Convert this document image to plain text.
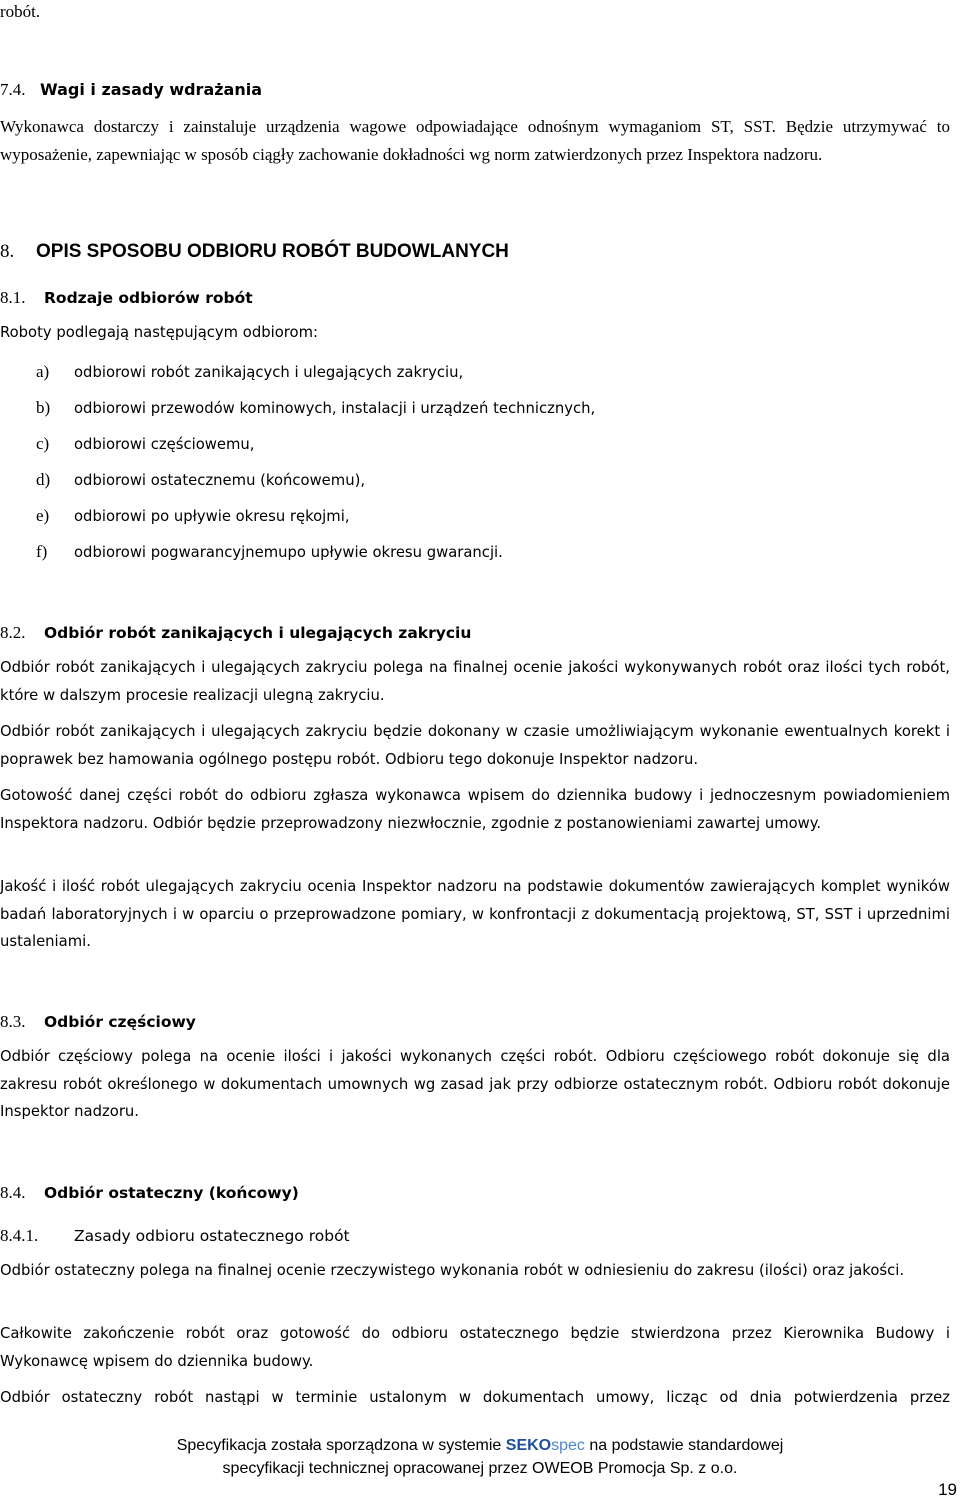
robót.
7.4. Wagi i zasady wdrażania

Wykonawca dostarczy i zainstaluje urządzenia wagowe odpowiadające odnośnym wymaganiom ST, SST. Będzie utrzymywać to wyposażenie, zapewniając w sposób ciągły zachowanie dokładności wg norm zatwierdzonych przez Inspektora nadzoru.

8. OPIS SPOSOBU ODBIORU ROBÓT BUDOWLANYCH
8.1. Rodzaje odbiorów robót
Roboty podlegają następującym odbiorom:
a) odbiorowi robót zanikających i ulegających zakryciu,
b) odbiorowi przewodów kominowych, instalacji i urządzeń technicznych,
c) odbiorowi częściowemu,
d) odbiorowi ostatecznemu (końcowemu),
e) odbiorowi po upływie okresu rękojmi,
f) odbiorowi pogwarancyjnemupo upływie okresu gwarancji.
8.2. Odbiór robót zanikających i ulegających zakryciu

Odbiór robót zanikających i ulegających zakryciu polega na finalnej ocenie jakości wykonywanych robót oraz ilości tych robót, które w dalszym procesie realizacji ulegną zakryciu.

Odbiór robót zanikających i ulegających zakryciu będzie dokonany w czasie umożliwiającym wykonanie ewentualnych korekt i poprawek bez hamowania ogólnego postępu robót. Odbioru tego dokonuje Inspektor nadzoru.

Gotowość danej części robót do odbioru zgłasza wykonawca wpisem do dziennika budowy i jednoczesnym powiadomieniem Inspektora nadzoru. Odbiór będzie przeprowadzony niezwłocznie, zgodnie z postanowieniami zawartej umowy.

Jakość i ilość robót ulegających zakryciu ocenia Inspektor nadzoru na podstawie dokumentów zawierających komplet wyników badań laboratoryjnych i w oparciu o przeprowadzone pomiary, w konfrontacji z dokumentacją projektową, ST, SST i uprzednimi ustaleniami.

8.3. Odbiór częściowy

Odbiór częściowy polega na ocenie ilości i jakości wykonanych części robót. Odbioru częściowego robót dokonuje się dla zakresu robót określonego w dokumentach umownych wg zasad jak przy odbiorze ostatecznym robót. Odbioru robót dokonuje Inspektor nadzoru.

8.4. Odbiór ostateczny (końcowy)
8.4.1. Zasady odbioru ostatecznego robót

Odbiór ostateczny polega na finalnej ocenie rzeczywistego wykonania robót w odniesieniu do zakresu (ilości) oraz jakości.

Całkowite zakończenie robót oraz gotowość do odbioru ostatecznego będzie stwierdzona przez Kierownika Budowy i Wykonawcę wpisem do dziennika budowy.

Odbiór ostateczny robót nastąpi w terminie ustalonym w dokumentach umowy, licząc od dnia potwierdzenia przez

Specyfikacja została sporządzona w systemie SEKOspec na podstawie standardowej
specyfikacji technicznej opracowanej przez OWEOB Promocja Sp. z o.o.
19
